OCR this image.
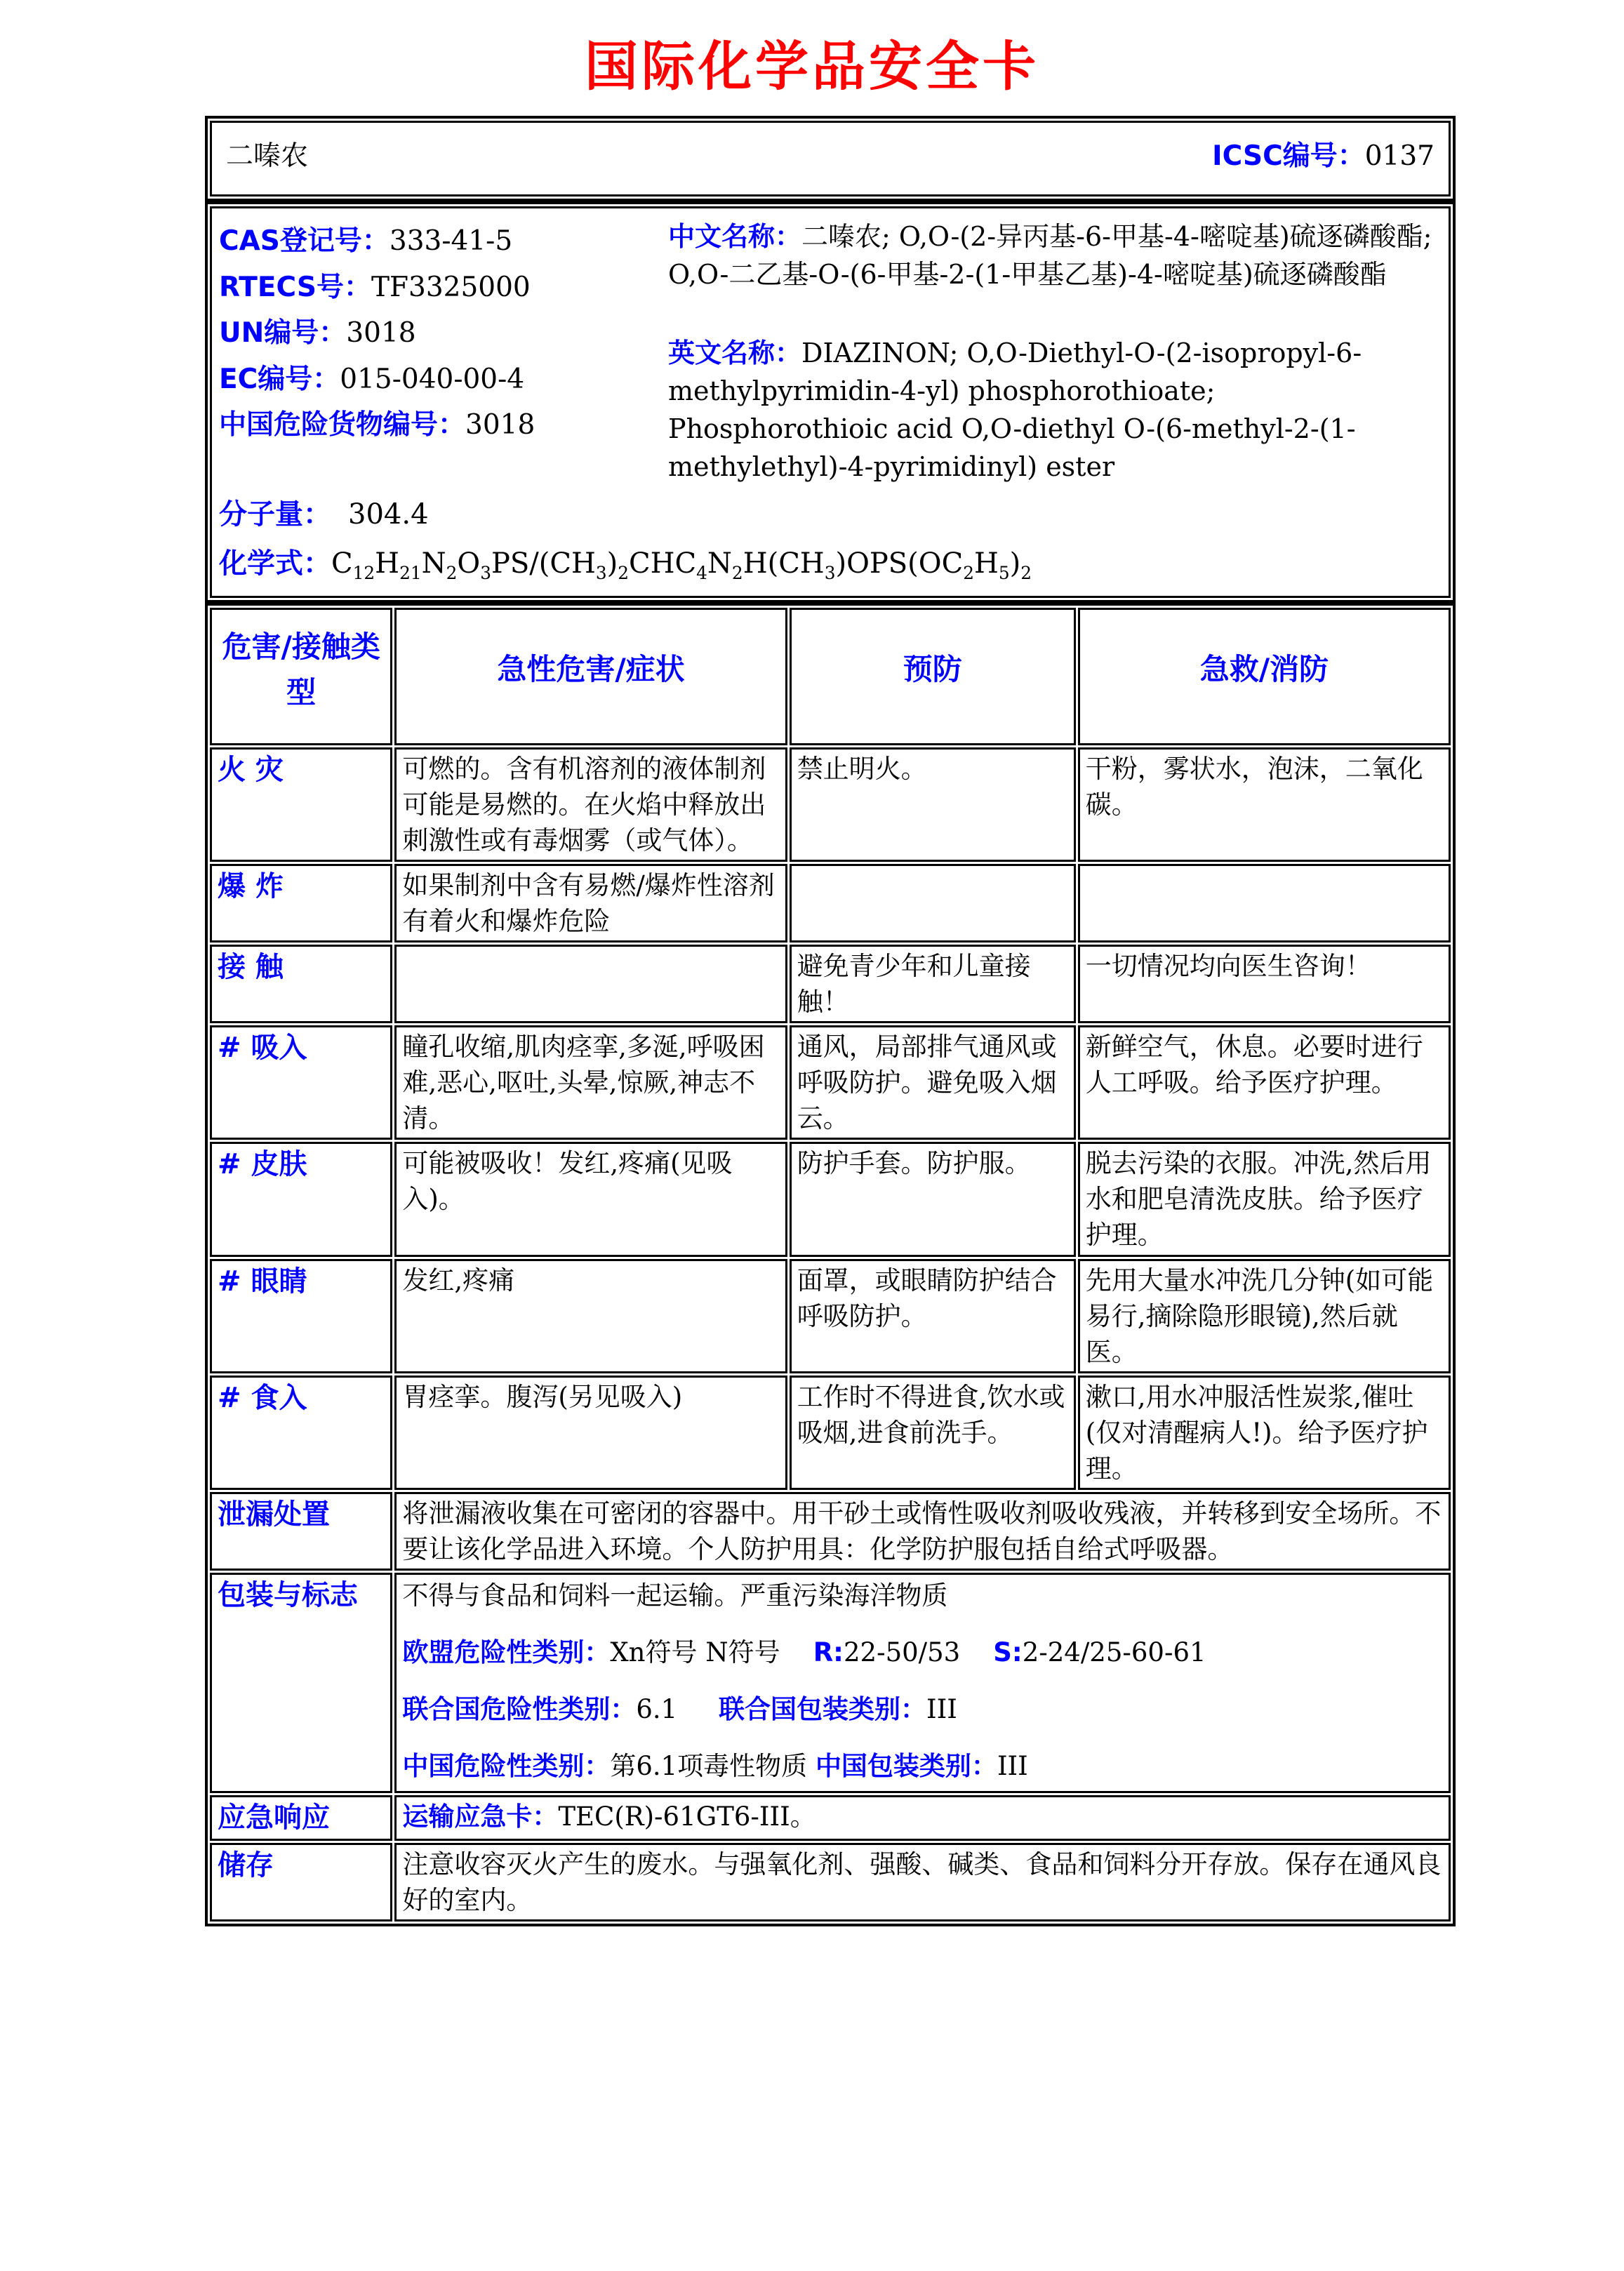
国际化学品安全卡
二嗪农	ICSC编号：0137
CAS登记号：333-41-5
RTECS号：TF3325000
UN编号：3018
EC编号：015-040-00-4
中国危险货物编号：3018

中文名称：二嗪农; O,O-(2-异丙基-6-甲基-4-嘧啶基)硫逐磷酸酯; O,O-二乙基-O-(6-甲基-2-(1-甲基乙基)-4-嘧啶基)硫逐磷酸酯

英文名称：DIAZINON; O,O-Diethyl-O-(2-isopropyl-6-methylpyrimidin-4-yl) phosphorothioate; Phosphorothioic acid O,O-diethyl O-(6-methyl-2-(1-methylethyl)-4-pyrimidinyl) ester

分子量： 304.4
化学式：$C_{12}H_{21}N_2O_3PS/(CH_3)_2CHC_4N_2H(CH_3)OPS(OC_2H_5)_2$
危害/接触类型	急性危害/症状	预防	急救/消防
火 灾	可燃的。含有机溶剂的液体制剂可能是易燃的。在火焰中释放出刺激性或有毒烟雾（或气体）。	禁止明火。	干粉，雾状水，泡沫，二氧化碳。
爆 炸	如果制剂中含有易燃/爆炸性溶剂有着火和爆炸危险		
接 触		避免青少年和儿童接触！	一切情况均向医生咨询！
# 吸入	瞳孔收缩,肌肉痉挛,多涎,呼吸困难,恶心,呕吐,头晕,惊厥,神志不清。	通风，局部排气通风或呼吸防护。避免吸入烟云。	新鲜空气，休息。必要时进行人工呼吸。给予医疗护理。
# 皮肤	可能被吸收！发红,疼痛(见吸入)。	防护手套。防护服。	脱去污染的衣服。冲洗,然后用水和肥皂清洗皮肤。给予医疗护理。
# 眼睛	发红,疼痛	面罩，或眼睛防护结合呼吸防护。	先用大量水冲洗几分钟(如可能易行,摘除隐形眼镜),然后就医。
# 食入	胃痉挛。腹泻(另见吸入)	工作时不得进食,饮水或吸烟,进食前洗手。	漱口,用水冲服活性炭浆,催吐(仅对清醒病人!)。给予医疗护理。
泄漏处置	将泄漏液收集在可密闭的容器中。用干砂土或惰性吸收剂吸收残液，并转移到安全场所。不要让该化学品进入环境。个人防护用具：化学防护服包括自给式呼吸器。		
包装与标志	不得与食品和饲料一起运输。严重污染海洋物质
欧盟危险性类别：Xn符号 N符号    R:22-50/53    S:2-24/25-60-61
联合国危险性类别：6.1     联合国包装类别：III
中国危险性类别：第6.1项毒性物质 中国包装类别：III		

应急响应	运输应急卡：TEC(R)-61GT6-III。		
储存	注意收容灭火产生的废水。与强氧化剂、强酸、碱类、食品和饲料分开存放。保存在通风良好的室内。		
